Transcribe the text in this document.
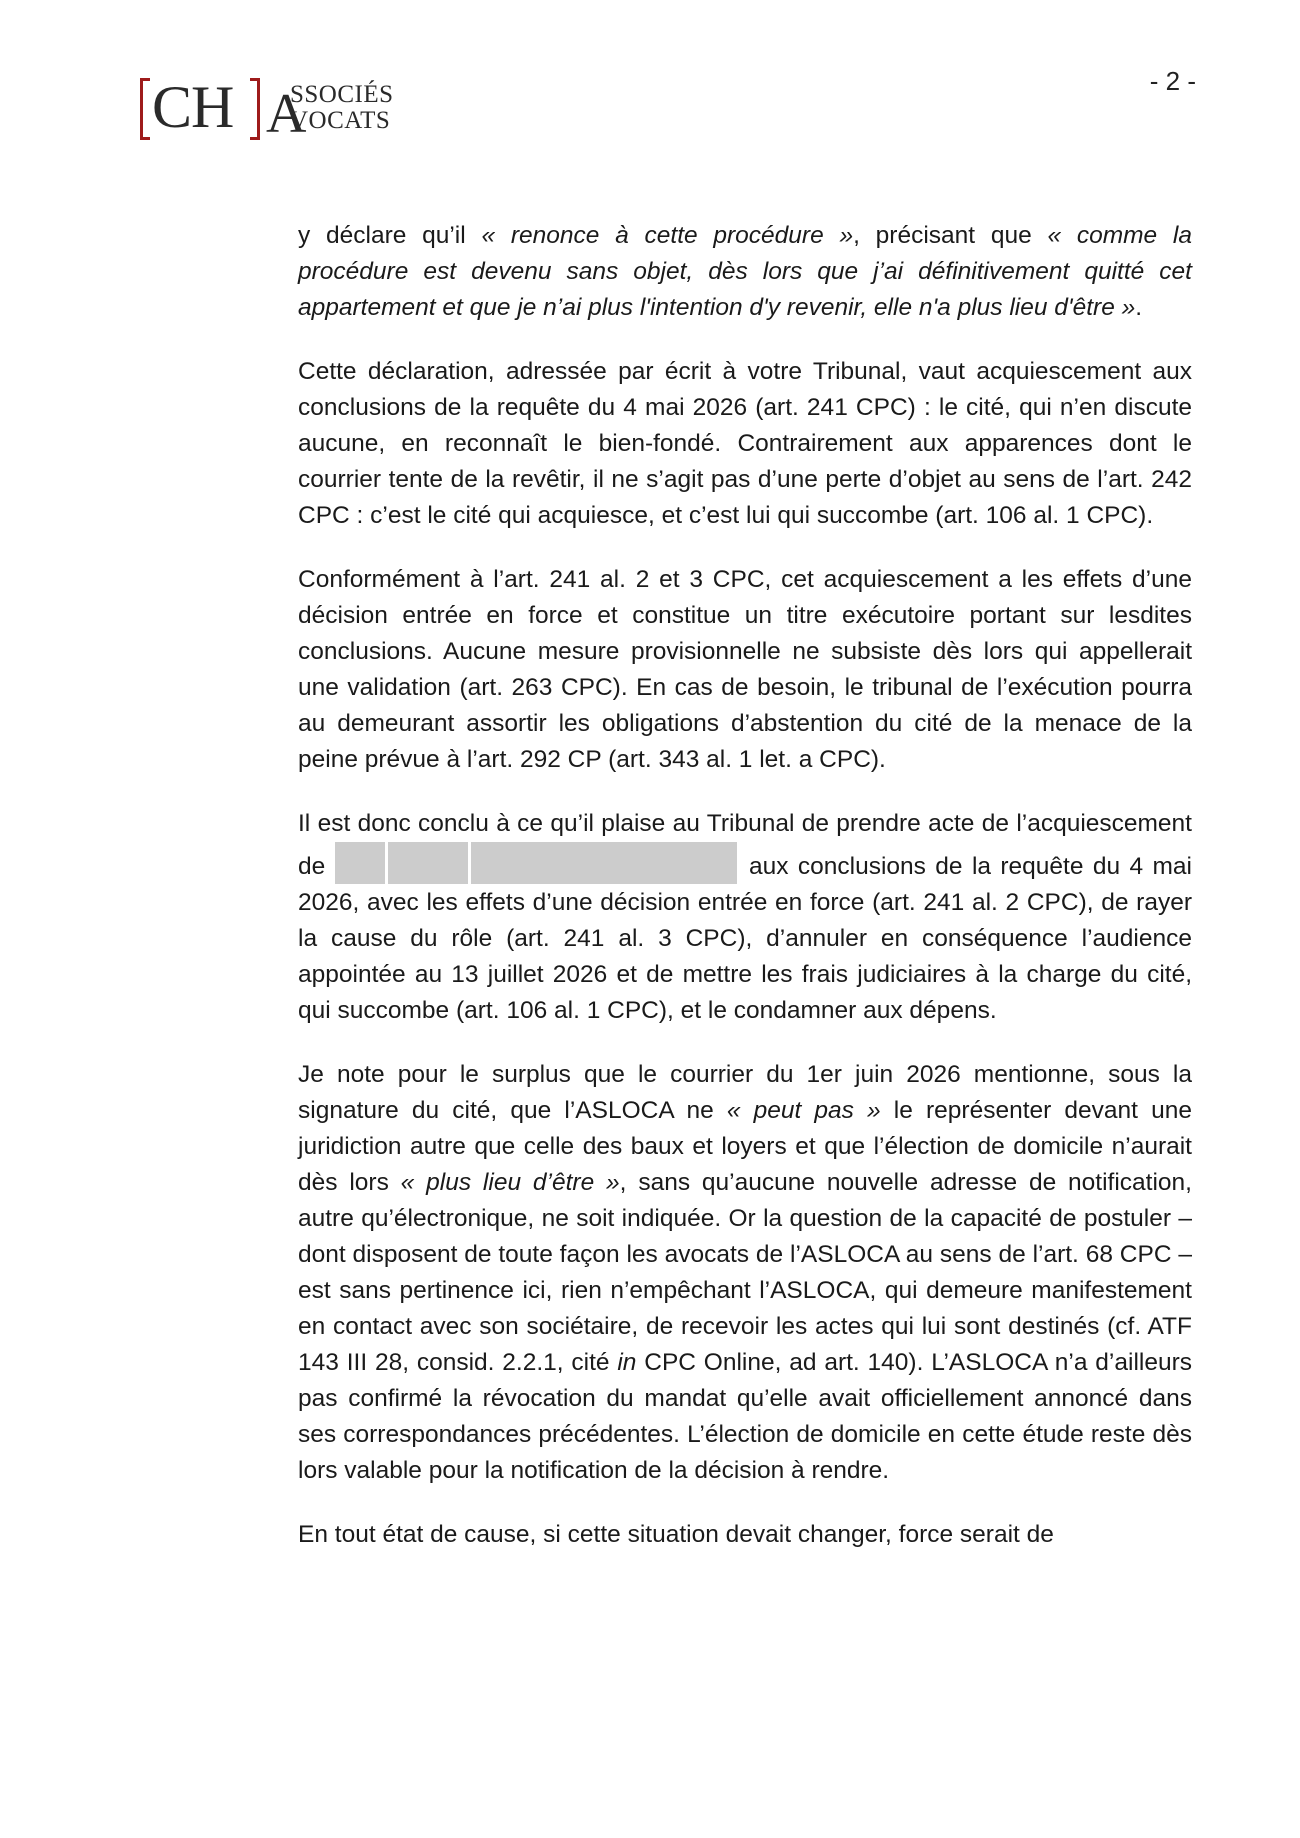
CH A
SSOCIÉS
VOCATS
- 2 -

y déclare qu’il « renonce à cette procédure », précisant que « comme la procédure est devenu sans objet, dès lors que j’ai définitivement quitté cet appartement et que je n’ai plus l'intention d'y revenir, elle n'a plus lieu d'être ».

Cette déclaration, adressée par écrit à votre Tribunal, vaut acquiescement aux conclusions de la requête du 4 mai 2026 (art. 241 CPC) : le cité, qui n’en discute aucune, en reconnaît le bien-fondé. Contrairement aux apparences dont le courrier tente de la revêtir, il ne s’agit pas d’une perte d’objet au sens de l’art. 242 CPC : c’est le cité qui acquiesce, et c’est lui qui succombe (art. 106 al. 1 CPC).

Conformément à l’art. 241 al. 2 et 3 CPC, cet acquiescement a les effets d’une décision entrée en force et constitue un titre exécutoire portant sur lesdites conclusions. Aucune mesure provisionnelle ne subsiste dès lors qui appellerait une validation (art. 263 CPC). En cas de besoin, le tribunal de l’exécution pourra au demeurant assortir les obligations d’abstention du cité de la menace de la peine prévue à l’art. 292 CP (art. 343 al. 1 let. a CPC).

Il est donc conclu à ce qu’il plaise au Tribunal de prendre acte de l’acquiescement de	aux conclusions de la requête du 4 mai 2026, avec les effets d’une décision entrée en force (art. 241 al. 2 CPC), de rayer la cause du rôle (art. 241 al. 3 CPC), d’annuler en conséquence l’audience appointée au 13 juillet 2026 et de mettre les frais judiciaires à la charge du cité, qui succombe (art. 106 al. 1 CPC), et le condamner aux dépens.

Je note pour le surplus que le courrier du 1er juin 2026 mentionne, sous la signature du cité, que l’ASLOCA ne « peut pas » le représenter devant une juridiction autre que celle des baux et loyers et que l’élection de domicile n’aurait dès lors « plus lieu d’être », sans qu’aucune nouvelle adresse de notification, autre qu’électronique, ne soit indiquée. Or la question de la capacité de postuler – dont disposent de toute façon les avocats de l’ASLOCA au sens de l’art. 68 CPC – est sans pertinence ici, rien n’empêchant l’ASLOCA, qui demeure manifestement en contact avec son sociétaire, de recevoir les actes qui lui sont destinés (cf. ATF 143 III 28, consid. 2.2.1, cité in CPC Online, ad art. 140). L’ASLOCA n’a d’ailleurs pas confirmé la révocation du mandat qu’elle avait officiellement annoncé dans ses correspondances précédentes. L’élection de domicile en cette étude reste dès lors valable pour la notification de la décision à rendre.

En tout état de cause, si cette situation devait changer, force serait de
